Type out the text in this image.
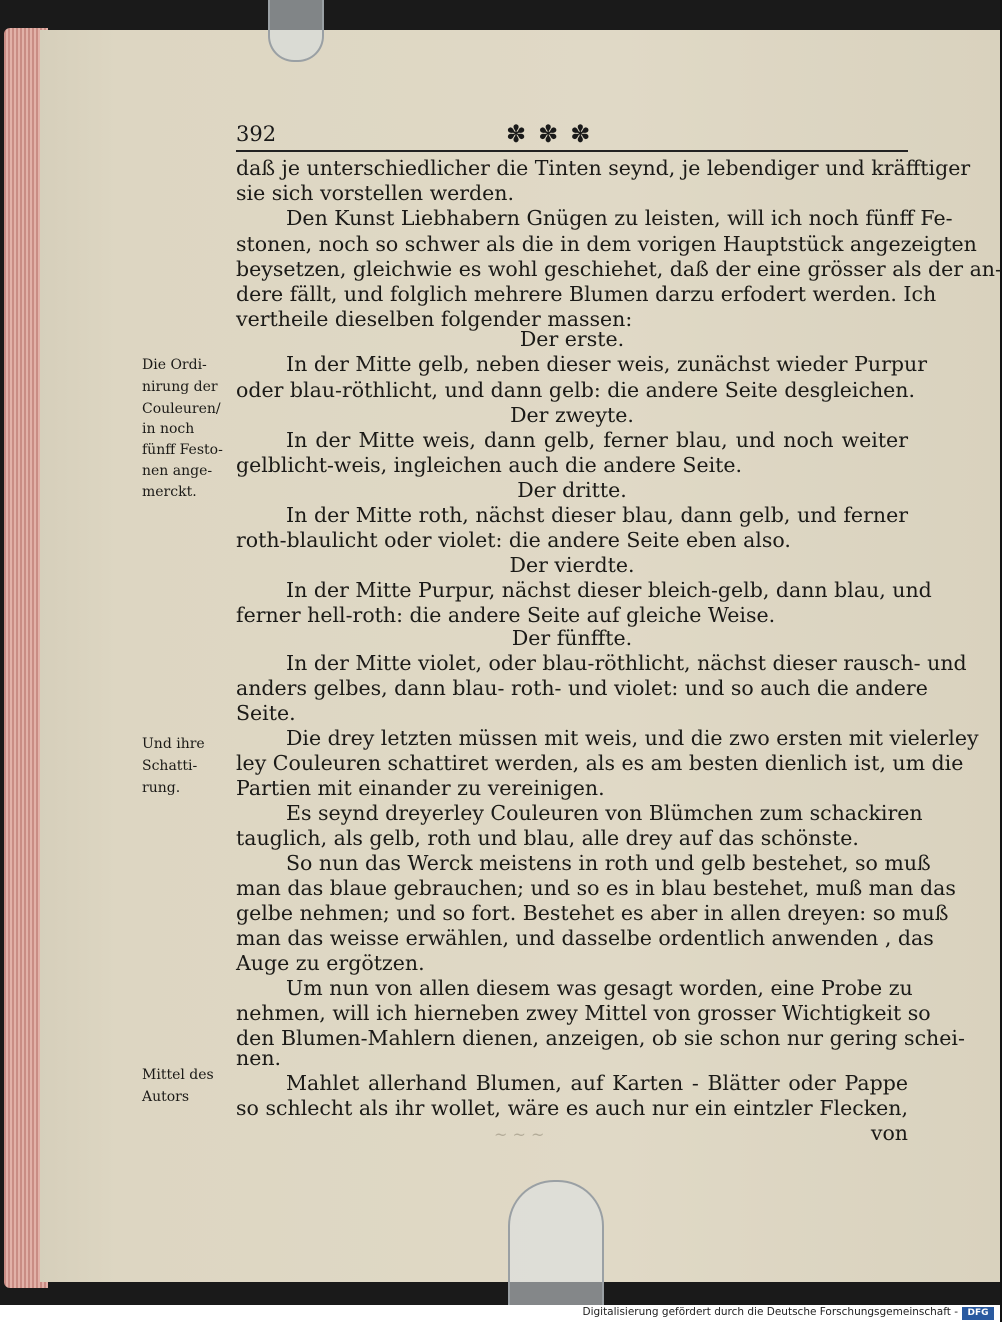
392	✽✽✽
daß je unterschiedlicher die Tinten seynd, je lebendiger und kräfftiger
sie sich vorstellen werden.
Den Kunst Liebhabern Gnügen zu leisten, will ich noch fünff Fe-
stonen, noch so schwer als die in dem vorigen Hauptstück angezeigten
beysetzen, gleichwie es wohl geschiehet, daß der eine grösser als der an-
dere fällt, und folglich mehrere Blumen darzu erfodert werden. Ich
vertheile dieselben folgender massen:
Der erste.
In der Mitte gelb, neben dieser weis, zunächst wieder Purpur
oder blau-röthlicht, und dann gelb: die andere Seite desgleichen.
Der zweyte.
In der Mitte weis, dann gelb, ferner blau, und noch weiter
gelblicht-weis, ingleichen auch die andere Seite.
Der dritte.
In der Mitte roth, nächst dieser blau, dann gelb, und ferner
roth-blaulicht oder violet: die andere Seite eben also.
Der vierdte.
In der Mitte Purpur, nächst dieser bleich-gelb, dann blau, und
ferner hell-roth: die andere Seite auf gleiche Weise.
Der fünffte.
In der Mitte violet, oder blau-röthlicht, nächst dieser rausch- und
anders gelbes, dann blau- roth- und violet: und so auch die andere
Seite.
Die drey letzten müssen mit weis, und die zwo ersten mit vielerley
ley Couleuren schattiret werden, als es am besten dienlich ist, um die
Partien mit einander zu vereinigen.
Es seynd dreyerley Couleuren von Blümchen zum schackiren
tauglich, als gelb, roth und blau, alle drey auf das schönste.
So nun das Werck meistens in roth und gelb bestehet, so muß
man das blaue gebrauchen; und so es in blau bestehet, muß man das
gelbe nehmen; und so fort. Bestehet es aber in allen dreyen: so muß
man das weisse erwählen, und dasselbe ordentlich anwenden , das
Auge zu ergötzen.
Um nun von allen diesem was gesagt worden, eine Probe zu
nehmen, will ich hierneben zwey Mittel von grosser Wichtigkeit so
den Blumen-Mahlern dienen, anzeigen, ob sie schon nur gering schei-
nen.
Mahlet allerhand Blumen, auf Karten - Blätter oder Pappe
so schlecht als ihr wollet, wäre es auch nur ein eintzler Flecken,
von
Die Ordi-
nirung der
Couleuren/
in noch
fünff Festo-
nen ange-
merckt.
Und ihre
Schatti-
rung.
Mittel des
Autors
~ ~ ~
Digitalisierung gefördert durch die Deutsche Forschungsgemeinschaft -	DFG
